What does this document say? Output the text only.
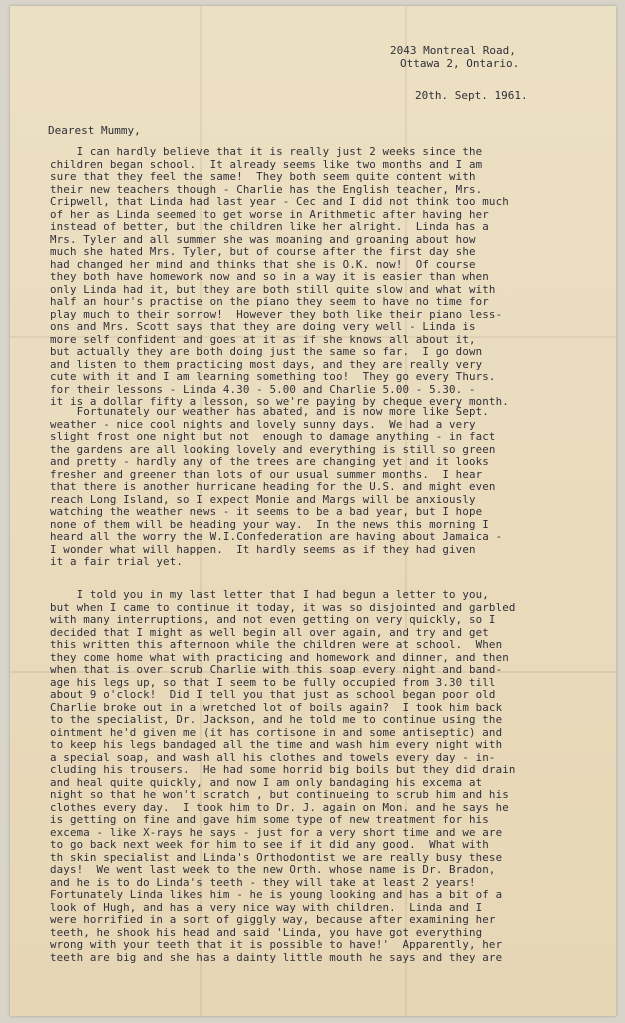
2043 Montreal Road,
Ottawa 2, Ontario.
20th. Sept. 1961.
Dearest Mummy,
I can hardly believe that it is really just 2 weeks since the
children began school.  It already seems like two months and I am
sure that they feel the same!  They both seem quite content with
their new teachers though - Charlie has the English teacher, Mrs.
Cripwell, that Linda had last year - Cec and I did not think too much
of her as Linda seemed to get worse in Arithmetic after having her
instead of better, but the children like her alright.  Linda has a
Mrs. Tyler and all summer she was moaning and groaning about how
much she hated Mrs. Tyler, but of course after the first day she
had changed her mind and thinks that she is O.K. now!  Of course
they both have homework now and so in a way it is easier than when
only Linda had it, but they are both still quite slow and what with
half an hour's practise on the piano they seem to have no time for
play much to their sorrow!  However they both like their piano less-
ons and Mrs. Scott says that they are doing very well - Linda is
more self confident and goes at it as if she knows all about it,
but actually they are both doing just the same so far.  I go down
and listen to them practicing most days, and they are really very
cute with it and I am learning something too!  They go every Thurs.
for their lessons - Linda 4.30 - 5.00 and Charlie 5.00 - 5.30. -
it is a dollar fifty a lesson, so we're paying by cheque every month.
Fortunately our weather has abated, and is now more like Sept.
weather - nice cool nights and lovely sunny days.  We had a very
slight frost one night but not  enough to damage anything - in fact
the gardens are all looking lovely and everything is still so green
and pretty - hardly any of the trees are changing yet and it looks
fresher and greener than lots of our usual summer months.  I hear
that there is another hurricane heading for the U.S. and might even
reach Long Island, so I expect Monie and Margs will be anxiously
watching the weather news - it seems to be a bad year, but I hope
none of them will be heading your way.  In the news this morning I
heard all the worry the W.I.Confederation are having about Jamaica -
I wonder what will happen.  It hardly seems as if they had given
it a fair trial yet.
I told you in my last letter that I had begun a letter to you,
but when I came to continue it today, it was so disjointed and garbled
with many interruptions, and not even getting on very quickly, so I
decided that I might as well begin all over again, and try and get
this written this afternoon while the children were at school.  When
they come home what with practicing and homework and dinner, and then
when that is over scrub Charlie with this soap every night and band-
age his legs up, so that I seem to be fully occupied from 3.30 till
about 9 o'clock!  Did I tell you that just as school began poor old
Charlie broke out in a wretched lot of boils again?  I took him back
to the specialist, Dr. Jackson, and he told me to continue using the
ointment he'd given me (it has cortisone in and some antiseptic) and
to keep his legs bandaged all the time and wash him every night with
a special soap, and wash all his clothes and towels every day - in-
cluding his trousers.  He had some horrid big boils but they did drain
and heal quite quickly, and now I am only bandaging his excema at
night so that he won't scratch , but continueing to scrub him and his
clothes every day.  I took him to Dr. J. again on Mon. and he says he
is getting on fine and gave him some type of new treatment for his
excema - like X-rays he says - just for a very short time and we are
to go back next week for him to see if it did any good.  What with
th skin specialist and Linda's Orthodontist we are really busy these
days!  We went last week to the new Orth. whose name is Dr. Bradon,
and he is to do Linda's teeth - they will take at least 2 years!
Fortunately Linda likes him - he is young looking and has a bit of a
look of Hugh, and has a very nice way with children.  Linda and I
were horrified in a sort of giggly way, because after examining her
teeth, he shook his head and said 'Linda, you have got everything
wrong with your teeth that it is possible to have!'  Apparently, her
teeth are big and she has a dainty little mouth he says and they are
